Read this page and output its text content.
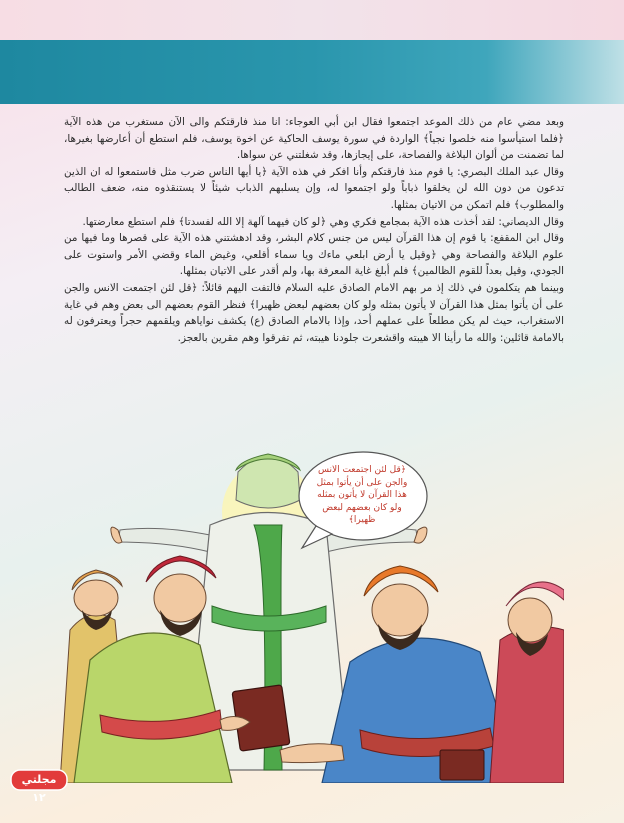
وبعد مضي عام من ذلك الموعد اجتمعوا فقال ابن أبي العوجاء: انا منذ فارقتكم والى الآن مستغرب من هذه الآية ﴿فلما استيأسوا منه خلصوا نجياً﴾ الواردة في سورة يوسف الحاكية عن اخوة يوسف، فلم استطع أن أعارضها بغيرها، لما تضمنت من ألوان البلاغة والفصاحة، على إيجازها، وقد شغلتني عن سواها.

وقال عبد الملك البصري: يا قوم منذ فارقتكم وأنا افكر في هذه الآية ﴿يا أيها الناس ضرب مثل فاستمعوا له ان الذين تدعون من دون الله لن يخلقوا ذباباً ولو اجتمعوا له، وإن يسلبهم الذباب شيئاً لا يستنقذوه منه، ضعف الطالب والمطلوب﴾ فلم اتمكن من الاتيان بمثلها.

وقال الديصاني: لقد أخذت هذه الآية بمجامع فكري وهي ﴿لو كان فيهما آلهة إلا الله لفسدتا﴾ فلم استطع معارضتها.

وقال ابن المقفع: يا قوم إن هذا القرآن ليس من جنس كلام البشر، وقد ادهشتني هذه الآية على قصرها وما فيها من علوم البلاغة والفصاحة وهي ﴿وقيل يا أرض ابلعي ماءك ويا سماء أقلعي، وغيض الماء وقضي الأمر واستوت على الجودي، وقيل بعداً للقوم الظالمين﴾ فلم أبلغ غاية المعرفة بها، ولم أقدر على الاتيان بمثلها.

وبينما هم يتكلمون في ذلك إذ مر بهم الامام الصادق عليه السلام فالتفت اليهم قائلاً: ﴿قل لئن اجتمعت الانس والجن على أن يأتوا بمثل هذا القرآن لا يأتون بمثله ولو كان بعضهم لبعض ظهيرا﴾ فنظر القوم بعضهم الى بعض وهم في غاية الاستغراب، حيث لم يكن مطلعاً على عملهم أحد، وإذا بالامام الصادق (ع) يكشف نواياهم ويلقمهم حجراً ويعترفون له بالامامة قائلين: والله ما رأينا الا هيبته واقشعرت جلودنا هيبته، ثم تفرقوا وهم مقرين بالعجز.

﴿قل لئن اجتمعت الانس والجن على أن يأتوا بمثل هذا القرآن لا يأتون بمثله ولو كان بعضهم لبعض ظهيرا﴾
مجلتي ١٢
